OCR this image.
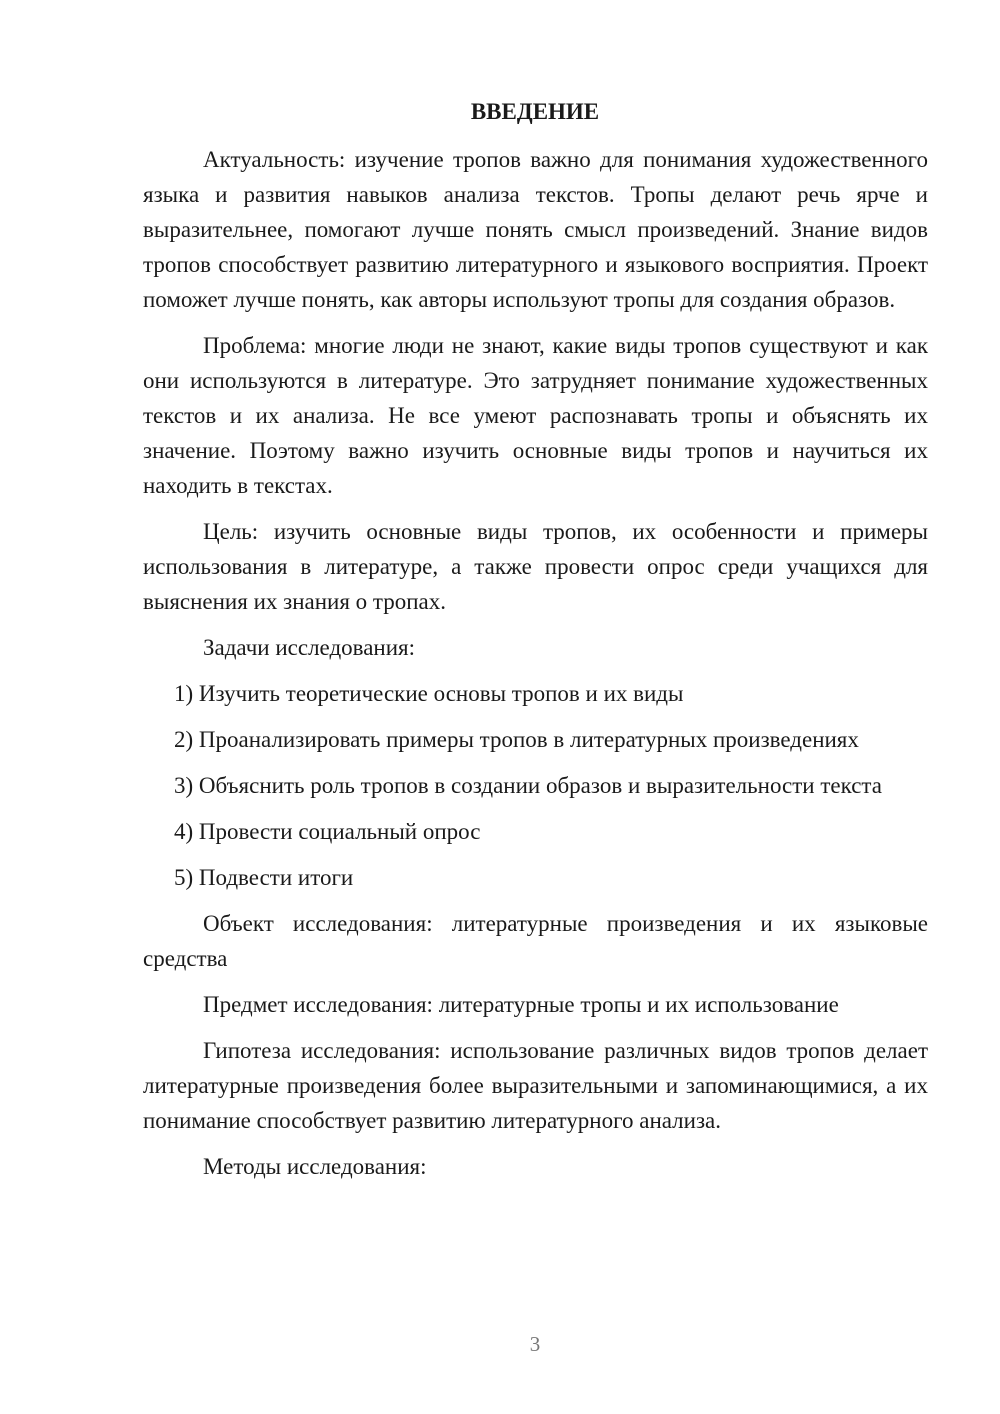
ВВЕДЕНИЕ

Актуальность: изучение тропов важно для понимания художественного языка и развития навыков анализа текстов. Тропы делают речь ярче и выразительнее, помогают лучше понять смысл произведений. Знание видов тропов способствует развитию литературного и языкового восприятия. Проект поможет лучше понять, как авторы используют тропы для создания образов.

Проблема: многие люди не знают, какие виды тропов существуют и как они используются в литературе. Это затрудняет понимание художественных текстов и их анализа. Не все умеют распознавать тропы и объяснять их значение. Поэтому важно изучить основные виды тропов и научиться их находить в текстах.

Цель: изучить основные виды тропов, их особенности и примеры использования в литературе, а также провести опрос среди учащихся для выяснения их знания о тропах.

Задачи исследования:

1) Изучить теоретические основы тропов и их виды

2) Проанализировать примеры тропов в литературных произведениях

3) Объяснить роль тропов в создании образов и выразительности текста

4) Провести социальный опрос

5) Подвести итоги

Объект исследования: литературные произведения и их языковые средства

Предмет исследования: литературные тропы и их использование

Гипотеза исследования: использование различных видов тропов делает литературные произведения более выразительными и запоминающимися, а их понимание способствует развитию литературного анализа.

Методы исследования:

3
